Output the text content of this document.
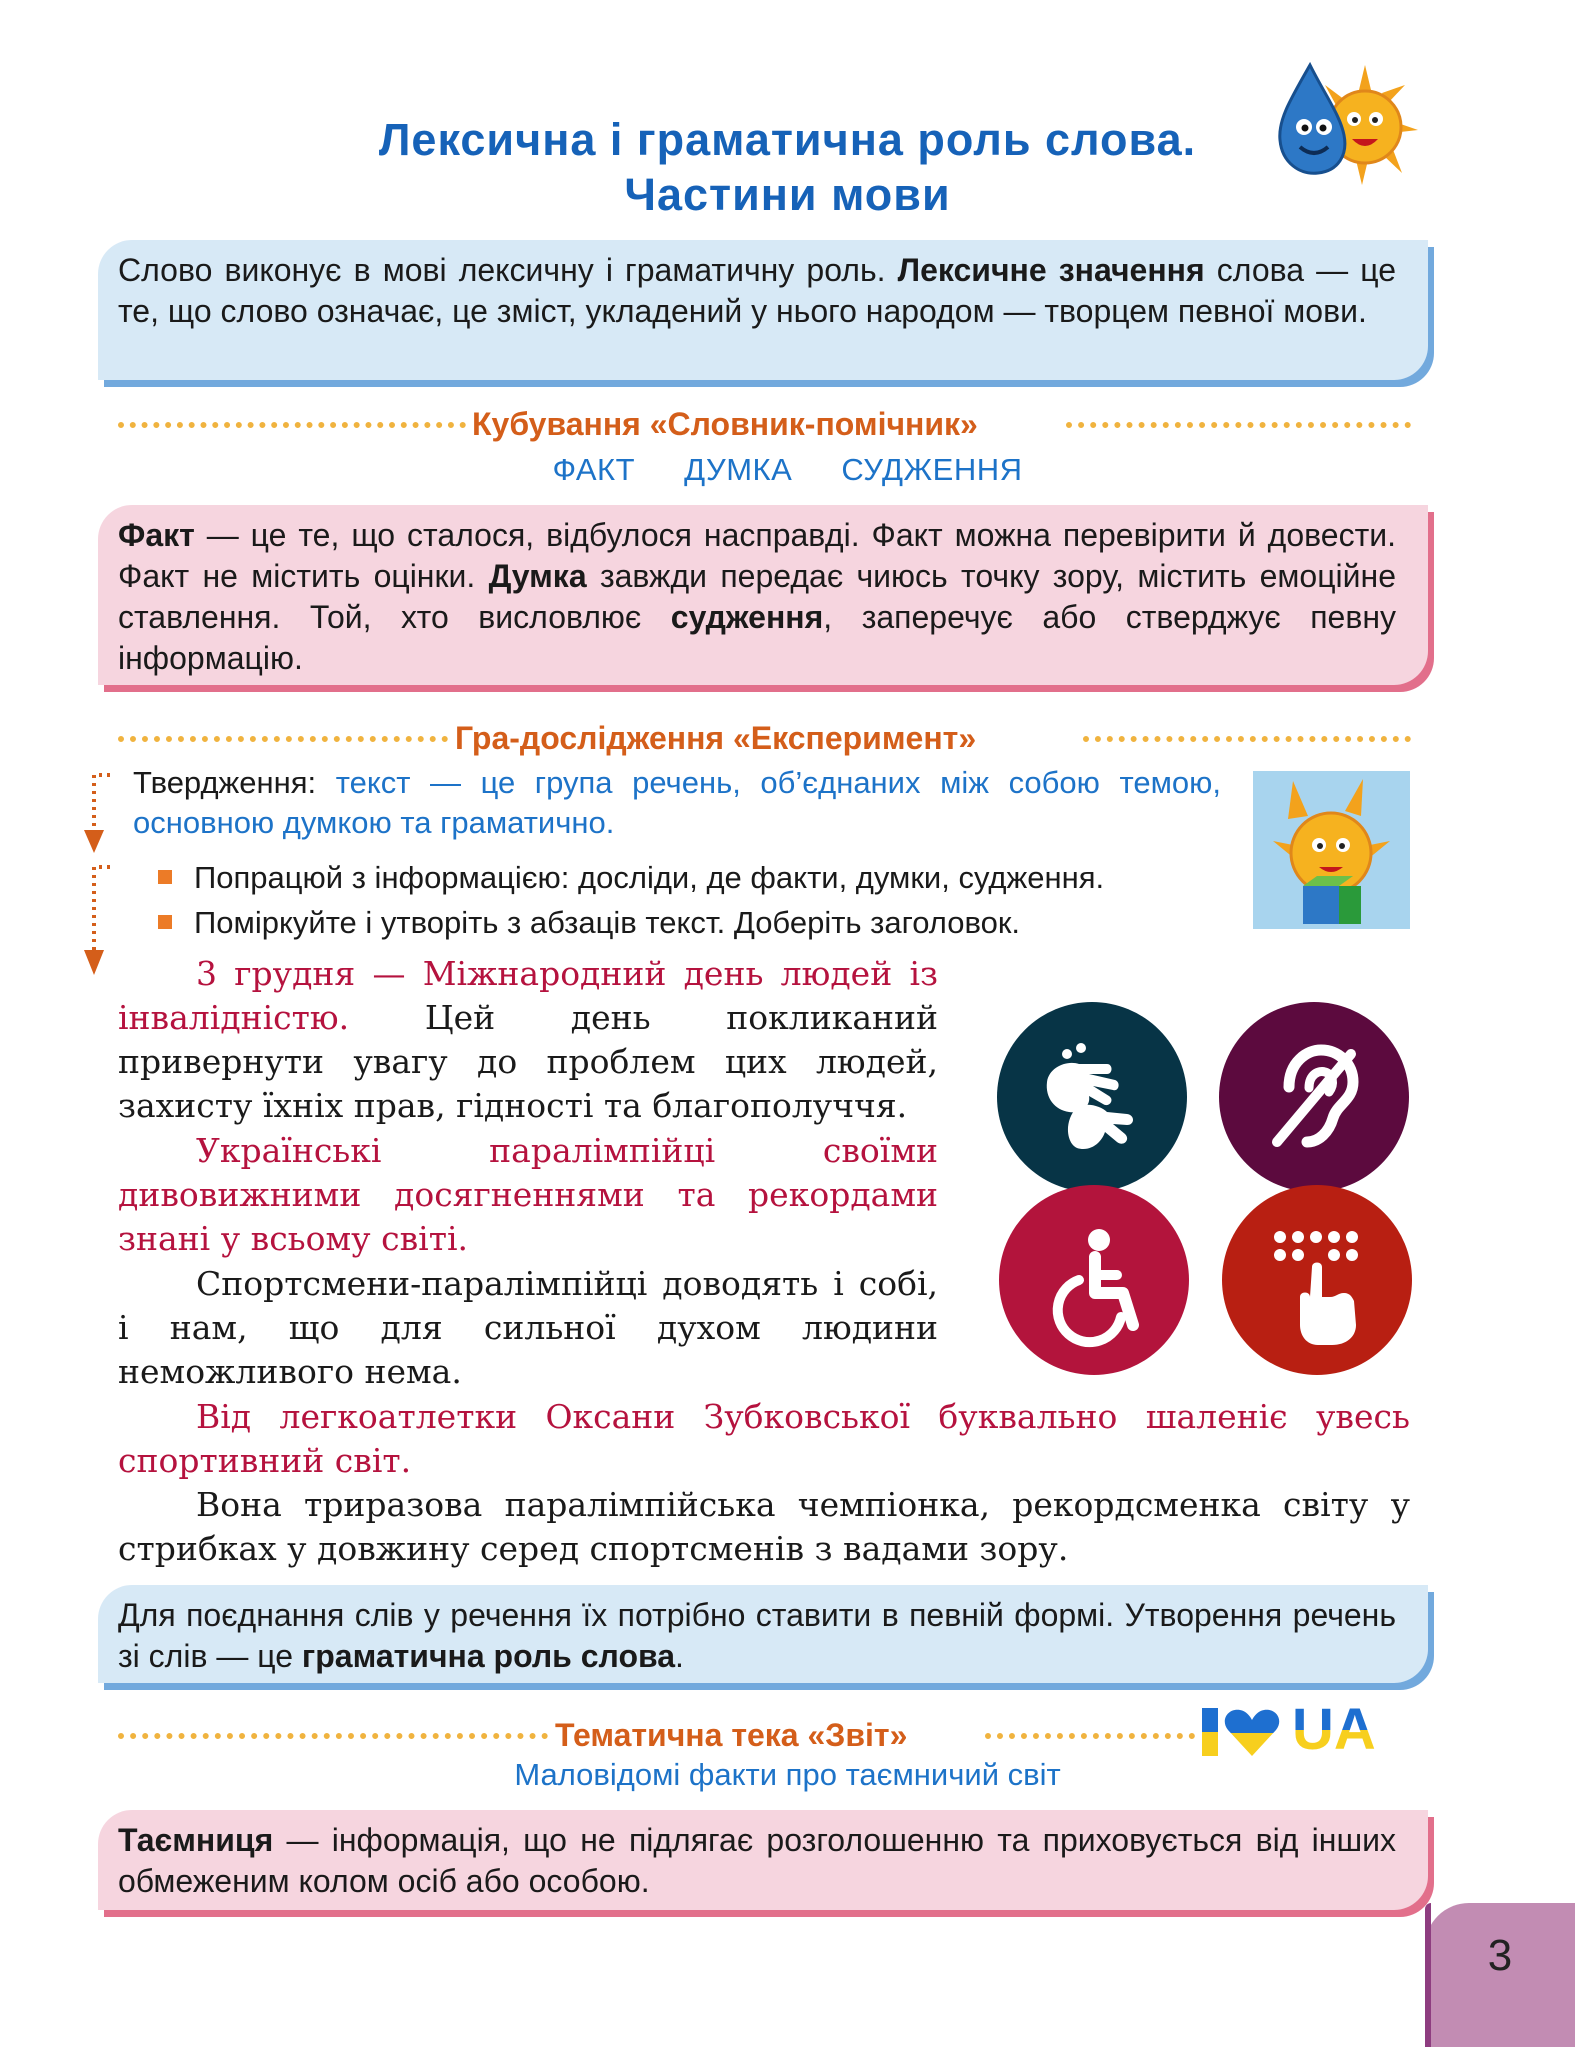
Лексична і граматична роль слова.
Частини мови
Слово виконує в мові лексичну і граматичну роль. Лексичне значення слова — це те, що слово означає, це зміст, укладений у нього народом — творцем певної мови.
Кубування «Словник-помічник»
ФАКТ ДУМКА СУДЖЕННЯ
Факт — це те, що сталося, відбулося насправді. Факт можна перевірити й довести. Факт не містить оцінки. Думка завжди передає чиюсь точку зору, містить емоційне ставлення. Той, хто висловлює судження, заперечує або стверджує певну інформацію.
Гра-дослідження «Експеримент»
Твердження: текст — це група речень, об’єднаних між собою темою, основною думкою та граматично.
Попрацюй з інформацією: досліди, де факти, думки, судження.
Поміркуйте і утворіть з абзаців текст. Доберіть заголовок.
3 грудня — Міжнародний день людей із інвалідністю. Цей день покликаний привернути увагу до проблем цих людей, захисту їхніх прав, гідності та благополуччя.
Українські паралімпійці своїми дивовижними досягненнями та рекордами знані у всьому світі.
Спортсмени-паралімпійці доводять і собі, і нам, що для сильної духом людини неможливого нема.
Від легкоатлетки Оксани Зубковської буквально шаленіє увесь спортивний світ.
Вона триразова паралімпійська чемпіонка, рекордсменка світу у стрибках у довжину серед спортсменів з вадами зору.
Для поєднання слів у речення їх потрібно ставити в певній формі. Утворення речень зі слів — це граматична роль слова.
Тематична тека «Звіт»	UA
Маловідомі факти про таємничий світ
Таємниця — інформація, що не підлягає розголошенню та приховується від інших обмеженим колом осіб або особою.
3
